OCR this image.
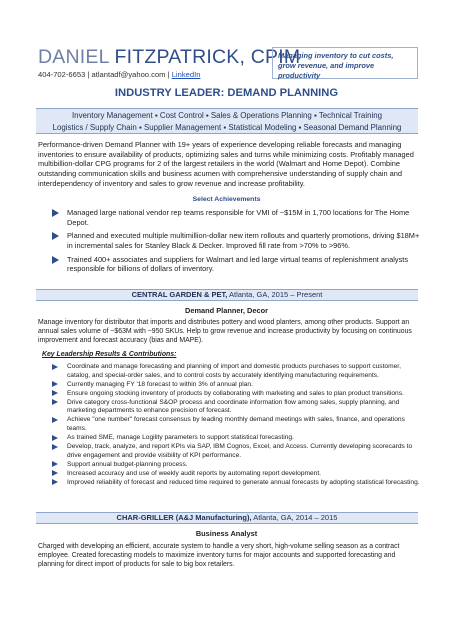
DANIEL FITZPATRICK, CPIM
404-702-6653 | atlantadf@yahoo.com | LinkedIn
Managing inventory to cut costs, grow revenue, and improve productivity
INDUSTRY LEADER: DEMAND PLANNING
Inventory Management ▪ Cost Control ▪ Sales & Operations Planning ▪ Technical Training
Logistics / Supply Chain ▪ Supplier Management ▪ Statistical Modeling ▪ Seasonal Demand Planning
Performance-driven Demand Planner with 19+ years of experience developing reliable forecasts and managing inventories to ensure availability of products, optimizing sales and turns while minimizing costs. Profitably managed multibillion-dollar CPG programs for 2 of the largest retailers in the world (Walmart and Home Depot). Combine outstanding communication skills and business acumen with comprehensive understanding of supply chain and interdependency of inventory and sales to grow revenue and increase profitability.
Select Achievements
Managed large national vendor rep teams responsible for VMI of ~$15M in 1,700 locations for The Home Depot.
Planned and executed multiple multimillion-dollar new item rollouts and quarterly promotions, driving $18M+ in incremental sales for Stanley Black & Decker. Improved fill rate from >70% to >96%.
Trained 400+ associates and suppliers for Walmart and led large virtual teams of replenishment analysts responsible for billions of dollars of inventory.
CENTRAL GARDEN & PET, Atlanta, GA, 2015 – Present
Demand Planner, Decor
Manage inventory for distributor that imports and distributes pottery and wood planters, among other products. Support an annual sales volume of ~$63M with ~950 SKUs. Help to grow revenue and increase productivity by focusing on continuous improvement and forecast accuracy (bias and MAPE).
Key Leadership Results & Contributions:
Coordinate and manage forecasting and planning of import and domestic products purchases to support customer, catalog, and special-order sales, and to control costs by accurately identifying manufacturing requirements.
Currently managing FY '18 forecast to within 3% of annual plan.
Ensure ongoing stocking inventory of products by collaborating with marketing and sales to plan product transitions.
Drive category cross-functional S&OP process and coordinate information flow among sales, supply planning, and marketing departments to enhance precision of forecast.
Achieve "one number" forecast consensus by leading monthly demand meetings with sales, finance, and operations teams.
As trained SME, manage Logility parameters to support statistical forecasting.
Develop, track, analyze, and report KPIs via SAP, IBM Cognos, Excel, and Access. Currently developing scorecards to drive engagement and provide visibility of KPI performance.
Support annual budget-planning process.
Increased accuracy and use of weekly audit reports by automating report development.
Improved reliability of forecast and reduced time required to generate annual forecasts by adopting statistical forecasting.
CHAR-GRILLER (A&J Manufacturing), Atlanta, GA, 2014 – 2015
Business Analyst
Charged with developing an efficient, accurate system to handle a very short, high-volume selling season as a contract employee. Created forecasting models to maximize inventory turns for major accounts and supported forecasting and planning for direct import of products for sale to big box retailers.
